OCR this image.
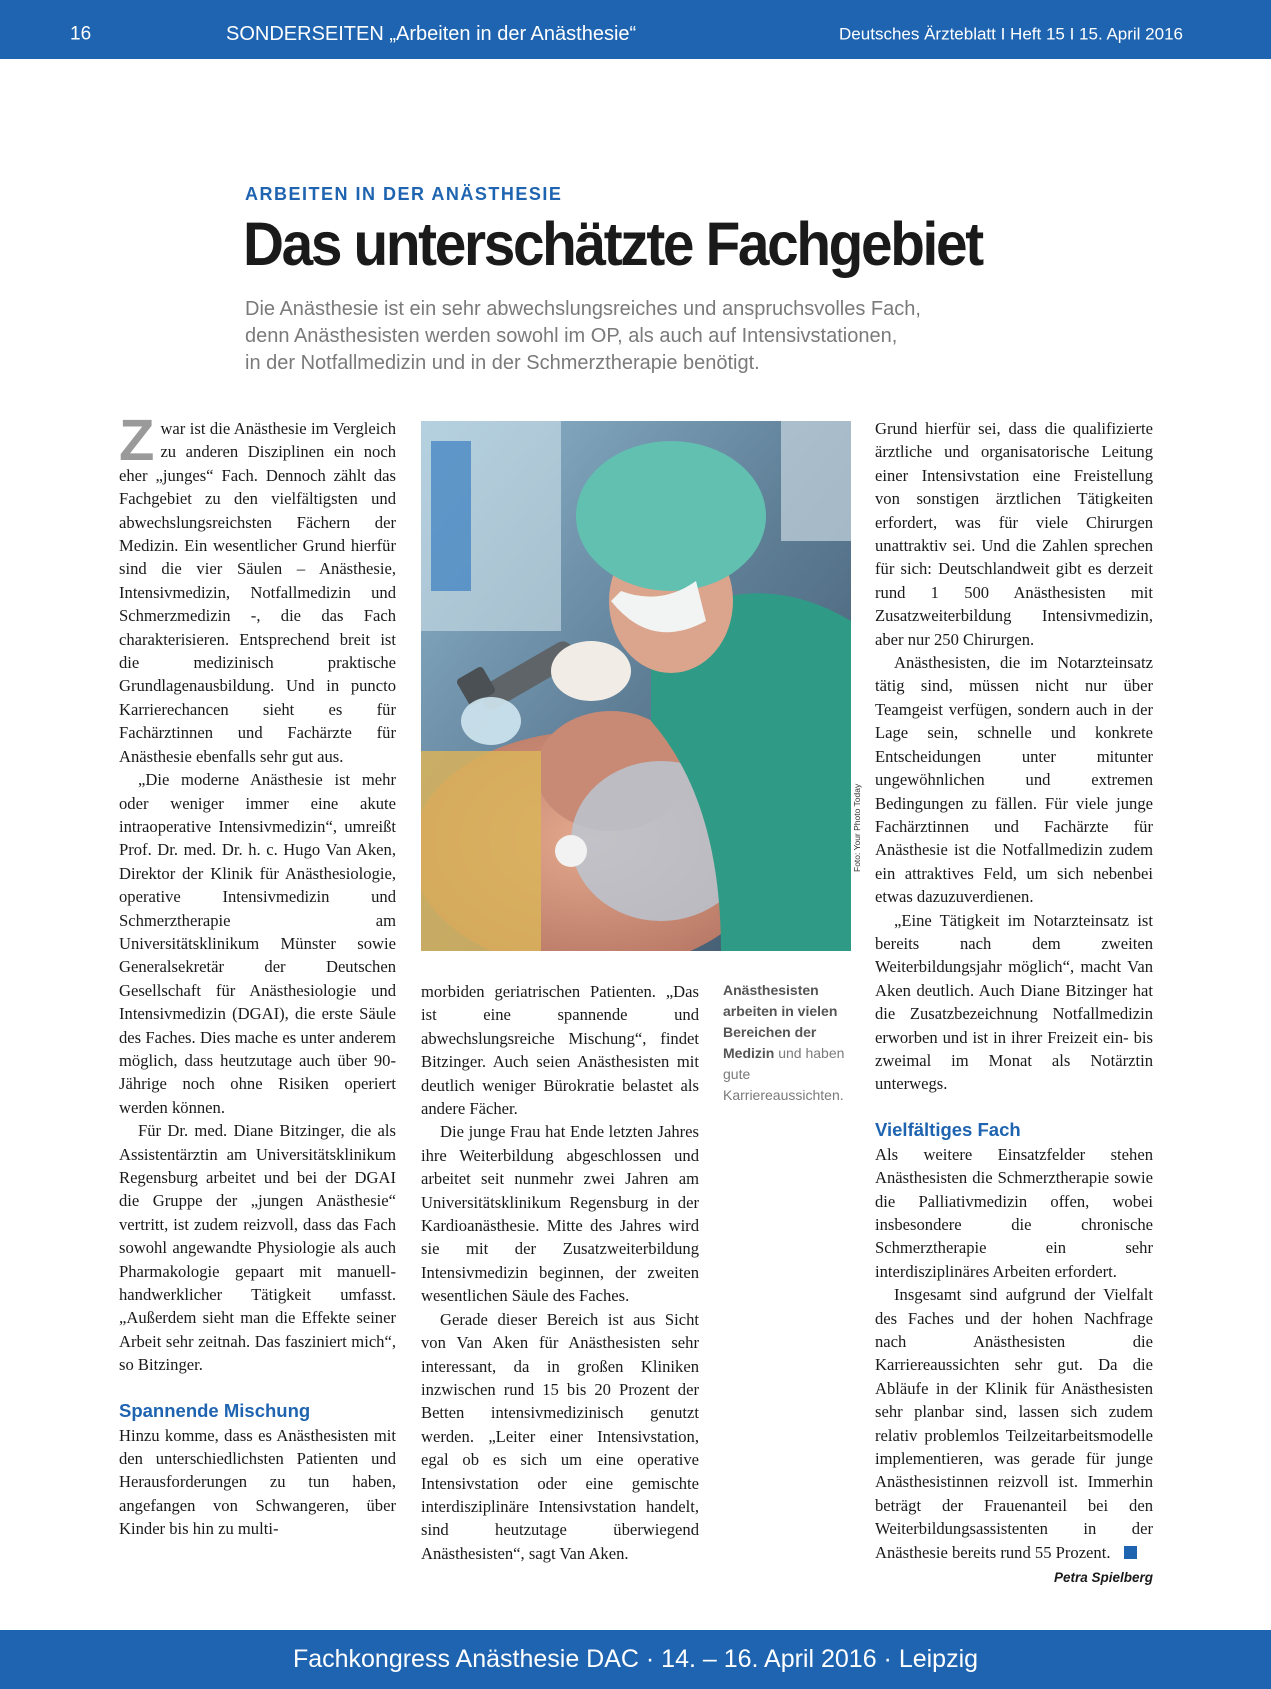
16	SONDERSEITEN „Arbeiten in der Anästhesie“	Deutsches Ärzteblatt I Heft 15 I 15. April 2016
ARBEITEN IN DER ANÄSTHESIE
Das unterschätzte Fachgebiet
Die Anästhesie ist ein sehr abwechslungsreiches und anspruchsvolles Fach,
denn Anästhesisten werden sowohl im OP, als auch auf Intensivstationen,
in der Notfallmedizin und in der Schmerztherapie benötigt.

Zwar ist die Anästhesie im Vergleich zu anderen Disziplinen ein noch eher „junges“ Fach. Dennoch zählt das Fachgebiet zu den vielfältigsten und abwechslungsreichsten Fächern der Medizin. Ein wesentlicher Grund hierfür sind die vier Säulen – Anästhesie, Intensivmedizin, Notfallmedizin und Schmerzmedizin -, die das Fach charakterisieren. Entsprechend breit ist die medizinisch praktische Grundlagenausbildung. Und in puncto Karrierechancen sieht es für Fachärztinnen und Fachärzte für Anästhesie ebenfalls sehr gut aus.

„Die moderne Anästhesie ist mehr oder weniger immer eine akute intraoperative Intensivmedizin“, umreißt Prof. Dr. med. Dr. h. c. Hugo Van Aken, Direktor der Klinik für Anästhesiologie, operative Intensivmedizin und Schmerztherapie am Universitätsklinikum Münster sowie Generalsekretär der Deutschen Gesellschaft für Anästhesiologie und Intensivmedizin (DGAI), die erste Säule des Faches. Dies mache es unter anderem möglich, dass heutzutage auch über 90-Jährige noch ohne Risiken operiert werden können.

Für Dr. med. Diane Bitzinger, die als Assistentärztin am Universitätsklinikum Regensburg arbeitet und bei der DGAI die Gruppe der „jungen Anästhesie“ vertritt, ist zudem reizvoll, dass das Fach sowohl angewandte Physiologie als auch Pharmakologie gepaart mit manuell-handwerklicher Tätigkeit umfasst. „Außerdem sieht man die Effekte seiner Arbeit sehr zeitnah. Das fasziniert mich“, so Bitzinger.

Spannende Mischung

Hinzu komme, dass es Anästhesisten mit den unterschiedlichsten Patienten und Herausforderungen zu tun haben, angefangen von Schwangeren, über Kinder bis hin zu multi-

Foto: Your Photo Today
Anästhesisten arbeiten in vielen Bereichen der Medizin und haben gute Karriereaussichten.

morbiden geriatrischen Patienten. „Das ist eine spannende und abwechslungsreiche Mischung“, findet Bitzinger. Auch seien Anästhesisten mit deutlich weniger Bürokratie belastet als andere Fächer.

Die junge Frau hat Ende letzten Jahres ihre Weiterbildung abgeschlossen und arbeitet seit nunmehr zwei Jahren am Universitätsklinikum Regensburg in der Kardioanästhesie. Mitte des Jahres wird sie mit der Zusatzweiterbildung Intensivmedizin beginnen, der zweiten wesentlichen Säule des Faches.

Gerade dieser Bereich ist aus Sicht von Van Aken für Anästhesisten sehr interessant, da in großen Kliniken inzwischen rund 15 bis 20 Prozent der Betten intensivmedizinisch genutzt werden. „Leiter einer Intensivstation, egal ob es sich um eine operative Intensivstation oder eine gemischte interdisziplinäre Intensivstation handelt, sind heutzutage überwiegend Anästhesisten“, sagt Van Aken.

Grund hierfür sei, dass die qualifizierte ärztliche und organisatorische Leitung einer Intensivstation eine Freistellung von sonstigen ärztlichen Tätigkeiten erfordert, was für viele Chirurgen unattraktiv sei. Und die Zahlen sprechen für sich: Deutschlandweit gibt es derzeit rund 1 500 Anästhesisten mit Zusatzweiterbildung Intensivmedizin, aber nur 250 Chirurgen.

Anästhesisten, die im Notarzteinsatz tätig sind, müssen nicht nur über Teamgeist verfügen, sondern auch in der Lage sein, schnelle und konkrete Entscheidungen unter mitunter ungewöhnlichen und extremen Bedingungen zu fällen. Für viele junge Fachärztinnen und Fachärzte für Anästhesie ist die Notfallmedizin zudem ein attraktives Feld, um sich nebenbei etwas dazuzuverdienen.

„Eine Tätigkeit im Notarzteinsatz ist bereits nach dem zweiten Weiterbildungsjahr möglich“, macht Van Aken deutlich. Auch Diane Bitzinger hat die Zusatzbezeichnung Notfallmedizin erworben und ist in ihrer Freizeit ein- bis zweimal im Monat als Notärztin unterwegs.

Vielfältiges Fach

Als weitere Einsatzfelder stehen Anästhesisten die Schmerztherapie sowie die Palliativmedizin offen, wobei insbesondere die chronische Schmerztherapie ein sehr interdisziplinäres Arbeiten erfordert.

Insgesamt sind aufgrund der Vielfalt des Faches und der hohen Nachfrage nach Anästhesisten die Karriereaussichten sehr gut. Da die Abläufe in der Klinik für Anästhesisten sehr planbar sind, lassen sich zudem relativ problemlos Teilzeitarbeitsmodelle implementieren, was gerade für junge Anästhesistinnen reizvoll ist. Immerhin beträgt der Frauenanteil bei den Weiterbildungsassistenten in der Anästhesie bereits rund 55 Prozent.

Petra Spielberg
Fachkongress Anästhesie DAC · 14. – 16. April 2016 · Leipzig
